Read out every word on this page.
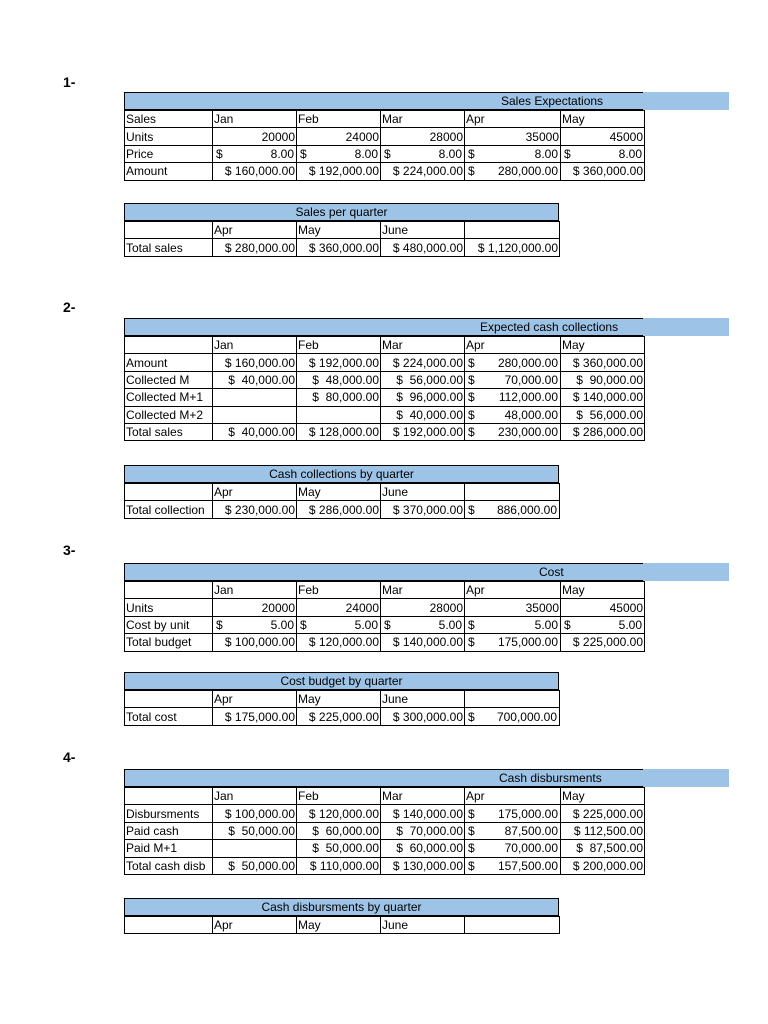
1-
Sales Expectations
Sales	Jan	Feb	Mar	Apr	May
Units	20000	24000	28000	35000	45000
Price	$ 8.00	$ 8.00	$ 8.00	$ 8.00	$ 8.00

Amount	$ 160,000.00	$ 192,000.00	$ 224,000.00	$ 280,000.00	$ 360,000.00
Sales per quarter
	Apr	May	June	
Total sales	$ 280,000.00	$ 360,000.00	$ 480,000.00	$ 1,120,000.00
2-
Expected cash collections
	Jan	Feb	Mar	Apr	May
Amount	$ 160,000.00	$ 192,000.00	$ 224,000.00	$ 280,000.00	$ 360,000.00
Collected M	$  40,000.00	$  48,000.00	$  56,000.00	$ 70,000.00	$  90,000.00
Collected M+1		$  80,000.00	$  96,000.00	$ 112,000.00	$ 140,000.00
Collected M+2			$  40,000.00	$ 48,000.00	$  56,000.00
Total sales	$  40,000.00	$ 128,000.00	$ 192,000.00	$ 230,000.00	$ 286,000.00
Cash collections by quarter
	Apr	May	June	
Total collection	$ 230,000.00	$ 286,000.00	$ 370,000.00	$ 886,000.00
3-
Cost
	Jan	Feb	Mar	Apr	May
Units	20000	24000	28000	35000	45000
Cost by unit	$ 5.00	$ 5.00	$ 5.00	$ 5.00	$ 5.00

Total budget	$ 100,000.00	$ 120,000.00	$ 140,000.00	$ 175,000.00	$ 225,000.00
Cost budget by quarter
	Apr	May	June	
Total cost	$ 175,000.00	$ 225,000.00	$ 300,000.00	$ 700,000.00
4-
Cash disbursments
	Jan	Feb	Mar	Apr	May
Disbursments	$ 100,000.00	$ 120,000.00	$ 140,000.00	$ 175,000.00	$ 225,000.00
Paid cash	$  50,000.00	$  60,000.00	$  70,000.00	$ 87,500.00	$ 112,500.00
Paid M+1		$  50,000.00	$  60,000.00	$ 70,000.00	$  87,500.00
Total cash disb	$  50,000.00	$ 110,000.00	$ 130,000.00	$ 157,500.00	$ 200,000.00
Cash disbursments by quarter
	Apr	May	June	
